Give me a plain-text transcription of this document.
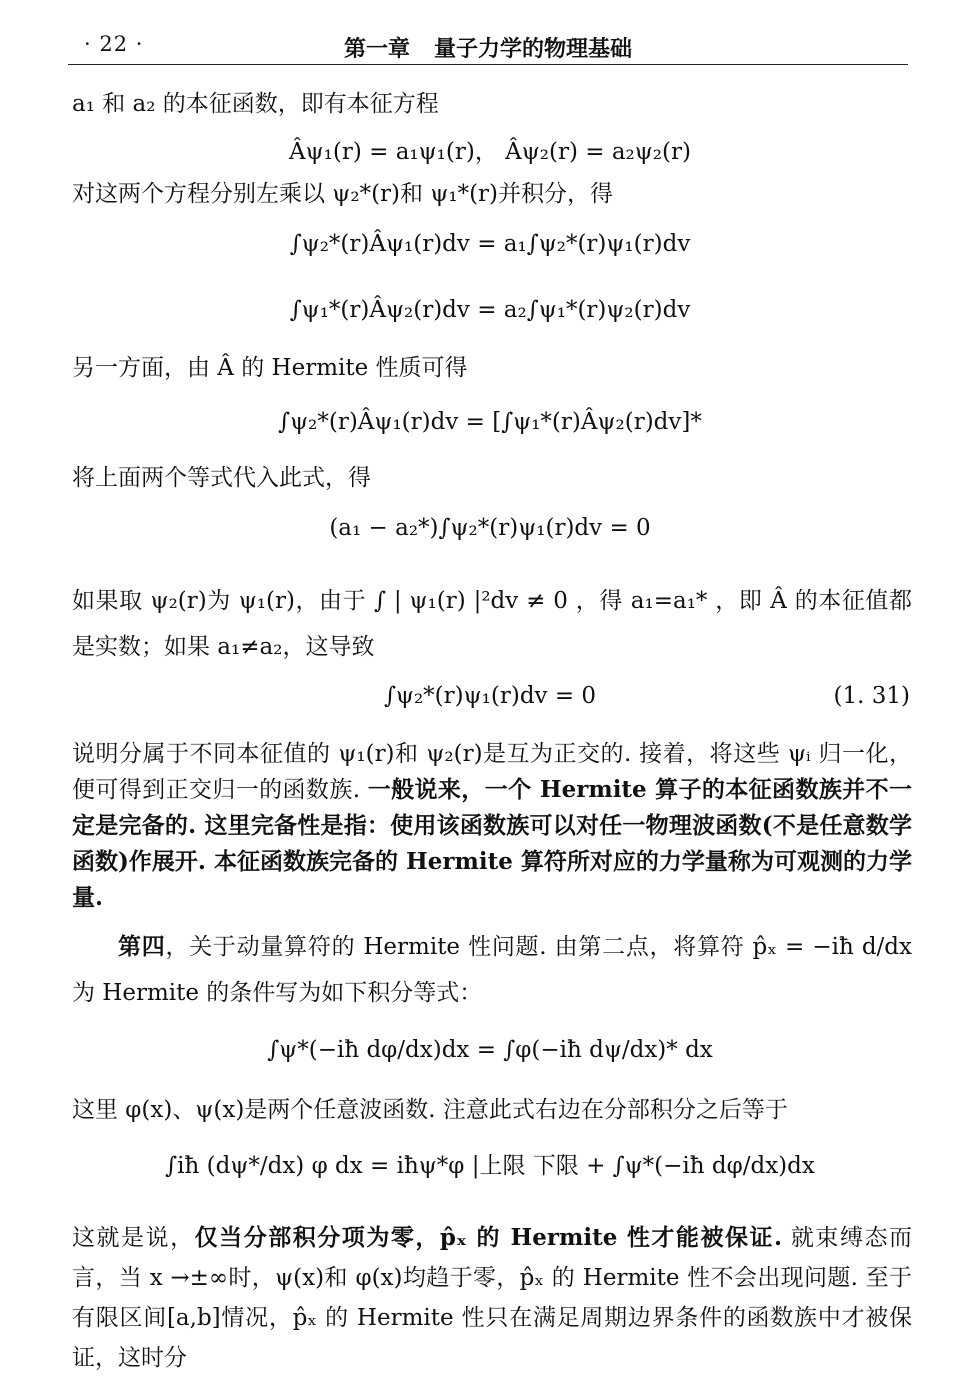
· 22 ·	第一章 量子力学的物理基础
a₁ 和 a₂ 的本征函数，即有本征方程
Âψ₁(r) = a₁ψ₁(r)， Âψ₂(r) = a₂ψ₂(r)
对这两个方程分别左乘以 ψ₂*(r)和 ψ₁*(r)并积分，得
∫ψ₂*(r)Âψ₁(r)dv = a₁∫ψ₂*(r)ψ₁(r)dv
∫ψ₁*(r)Âψ₂(r)dv = a₂∫ψ₁*(r)ψ₂(r)dv
另一方面，由 Â 的 Hermite 性质可得
∫ψ₂*(r)Âψ₁(r)dv = [∫ψ₁*(r)Âψ₂(r)dv]*
将上面两个等式代入此式，得
(a₁ − a₂*)∫ψ₂*(r)ψ₁(r)dv = 0
如果取 ψ₂(r)为 ψ₁(r)，由于 ∫ | ψ₁(r) |²dv ≠ 0 ，得 a₁=a₁* ，即 Â 的本征值都是实数；如果 a₁≠a₂，这导致
∫ψ₂*(r)ψ₁(r)dv = 0	(1. 31)
说明分属于不同本征值的 ψ₁(r)和 ψ₂(r)是互为正交的. 接着，将这些 ψᵢ 归一化，便可得到正交归一的函数族. 一般说来，一个 Hermite 算子的本征函数族并不一定是完备的. 这里完备性是指：使用该函数族可以对任一物理波函数(不是任意数学函数)作展开. 本征函数族完备的 Hermite 算符所对应的力学量称为可观测的力学量.
第四，关于动量算符的 Hermite 性问题. 由第二点，将算符 p̂ₓ = −iħ d/dx 为 Hermite 的条件写为如下积分等式：
∫ψ*(−iħ dφ/dx)dx = ∫φ(−iħ dψ/dx)* dx
这里 φ(x)、ψ(x)是两个任意波函数. 注意此式右边在分部积分之后等于
∫iħ (dψ*/dx) φ dx = iħψ*φ |上限 下限 + ∫ψ*(−iħ dφ/dx)dx
这就是说，仅当分部积分项为零，p̂ₓ 的 Hermite 性才能被保证. 就束缚态而言，当 x →±∞时，ψ(x)和 φ(x)均趋于零，p̂ₓ 的 Hermite 性不会出现问题. 至于有限区间[a,b]情况，p̂ₓ 的 Hermite 性只在满足周期边界条件的函数族中才被保证，这时分
